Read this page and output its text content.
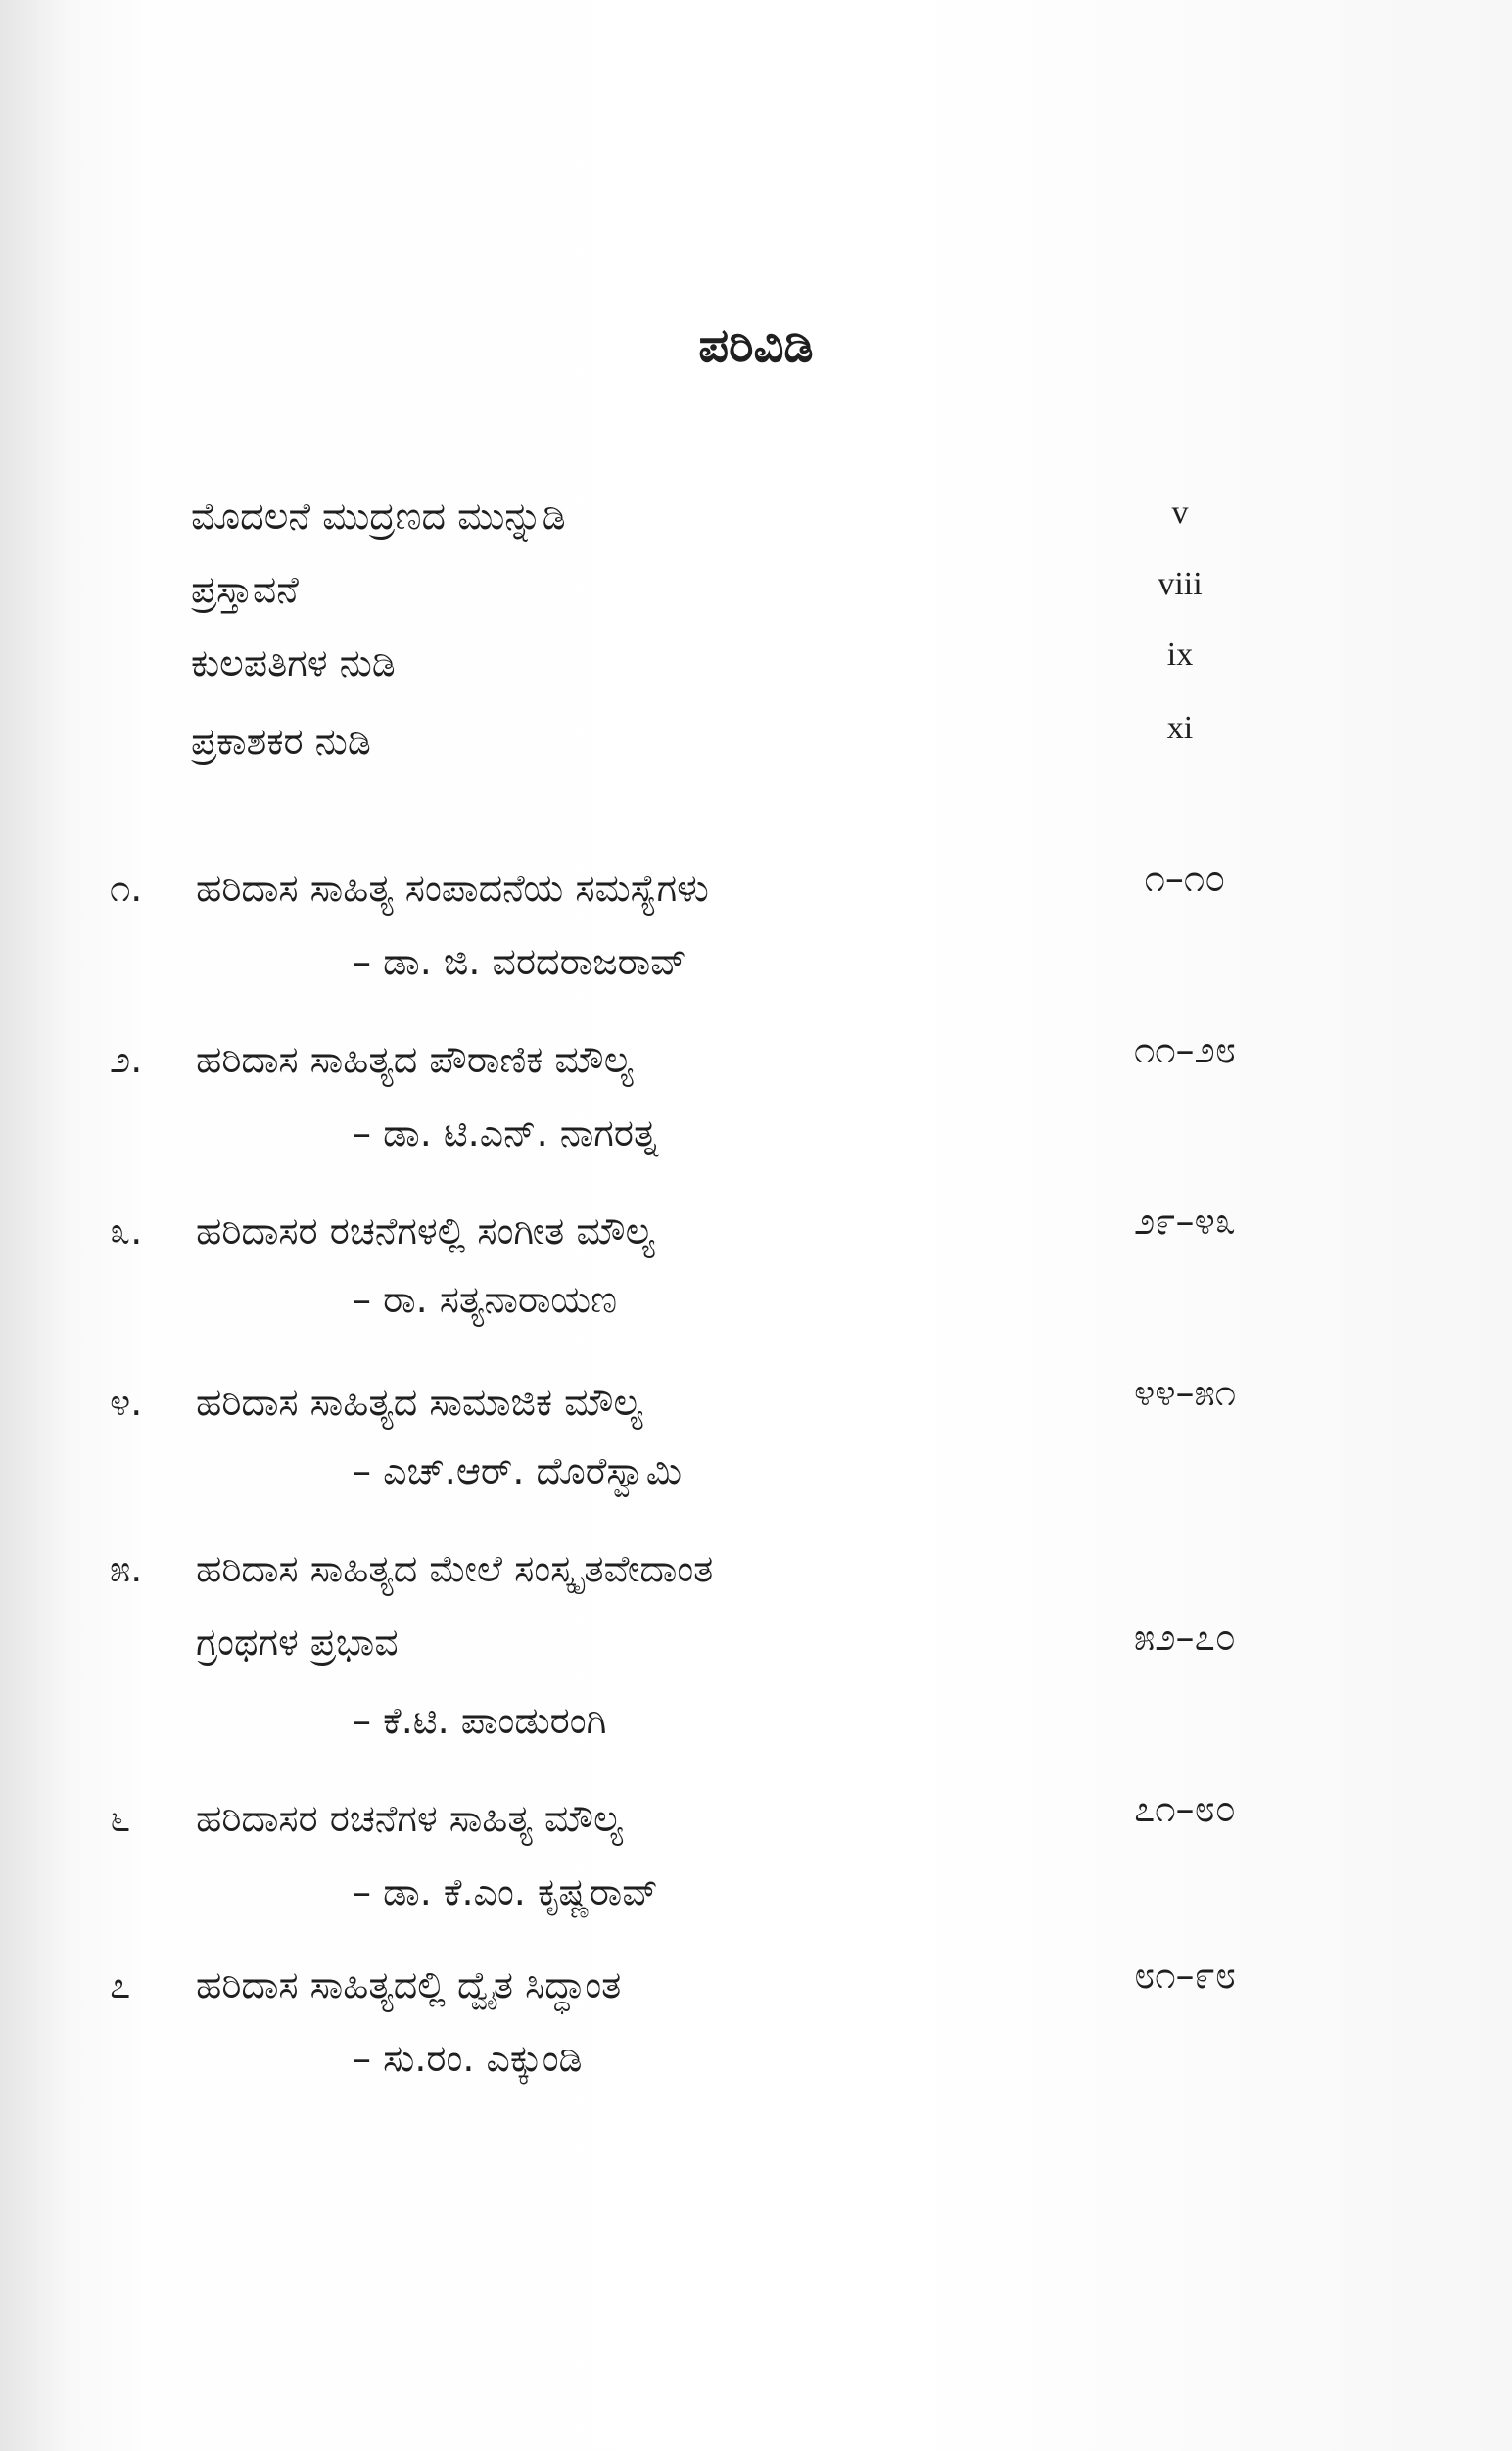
ಪರಿವಿಡಿ
ಮೊದಲನೆ ಮುದ್ರಣದ ಮುನ್ನುಡಿ	v
ಪ್ರಸ್ತಾವನೆ	viii
ಕುಲಪತಿಗಳ ನುಡಿ	ix
ಪ್ರಕಾಶಕರ ನುಡಿ	xi
೧. ಹರಿದಾಸ ಸಾಹಿತ್ಯ ಸಂಪಾದನೆಯ ಸಮಸ್ಯೆಗಳು	೧–೧೦
– ಡಾ. ಜಿ. ವರದರಾಜರಾವ್
೨. ಹರಿದಾಸ ಸಾಹಿತ್ಯದ ಪೌರಾಣಿಕ ಮೌಲ್ಯ	೧೧–೨೮
– ಡಾ. ಟಿ.ಎನ್. ನಾಗರತ್ನ
೩. ಹರಿದಾಸರ ರಚನೆಗಳಲ್ಲಿ ಸಂಗೀತ ಮೌಲ್ಯ	೨೯–೪೩
– ರಾ. ಸತ್ಯನಾರಾಯಣ
೪. ಹರಿದಾಸ ಸಾಹಿತ್ಯದ ಸಾಮಾಜಿಕ ಮೌಲ್ಯ	೪೪–೫೧
– ಎಚ್.ಆರ್. ದೊರೆಸ್ವಾಮಿ
೫. ಹರಿದಾಸ ಸಾಹಿತ್ಯದ ಮೇಲೆ ಸಂಸ್ಕೃತವೇದಾಂತ
ಗ್ರಂಥಗಳ ಪ್ರಭಾವ	೫೨–೭೦
– ಕೆ.ಟಿ. ಪಾಂಡುರಂಗಿ
೬ ಹರಿದಾಸರ ರಚನೆಗಳ ಸಾಹಿತ್ಯ ಮೌಲ್ಯ	೭೧–೮೦
– ಡಾ. ಕೆ.ಎಂ. ಕೃಷ್ಣರಾವ್
೭ ಹರಿದಾಸ ಸಾಹಿತ್ಯದಲ್ಲಿ ದ್ವೈತ ಸಿದ್ಧಾಂತ	೮೧–೯೮
– ಸು.ರಂ. ಎಕ್ಕುಂಡಿ
